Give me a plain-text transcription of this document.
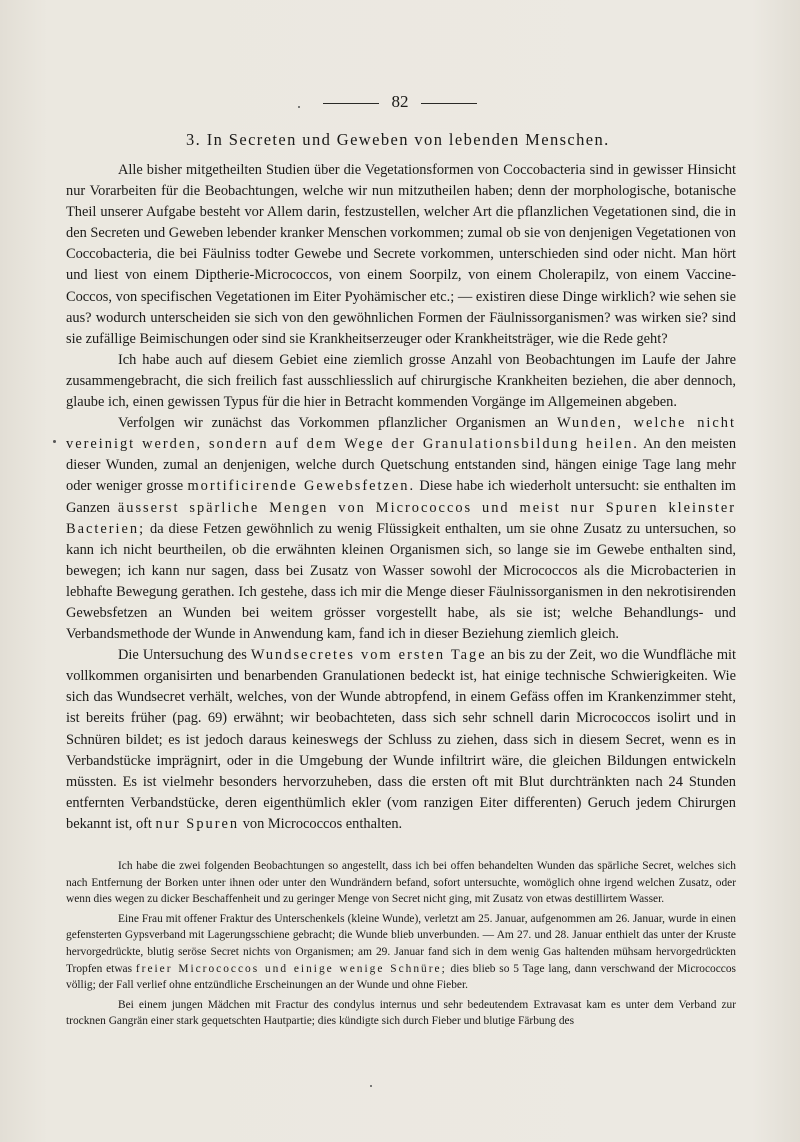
82
3. In Secreten und Geweben von lebenden Menschen.

Alle bisher mitgetheilten Studien über die Vegetationsformen von Coccobacteria sind in gewisser Hinsicht nur Vorarbeiten für die Beobachtungen, welche wir nun mitzutheilen haben; denn der morphologische, botanische Theil unserer Aufgabe besteht vor Allem darin, festzustellen, welcher Art die pflanzlichen Vegetationen sind, die in den Secreten und Geweben lebender kranker Menschen vorkommen; zumal ob sie von denjenigen Vegetationen von Coccobacteria, die bei Fäulniss todter Gewebe und Secrete vorkommen, unterschieden sind oder nicht. Man hört und liest von einem Diptherie-Micrococcos, von einem Soorpilz, von einem Cholerapilz, von einem Vaccine-Coccos, von specifischen Vegetationen im Eiter Pyohämischer etc.; — existiren diese Dinge wirklich? wie sehen sie aus? wodurch unterscheiden sie sich von den gewöhnlichen Formen der Fäulnissorganismen? was wirken sie? sind sie zufällige Beimischungen oder sind sie Krankheitserzeuger oder Krankheitsträger, wie die Rede geht?

Ich habe auch auf diesem Gebiet eine ziemlich grosse Anzahl von Beobachtungen im Laufe der Jahre zusammengebracht, die sich freilich fast ausschliesslich auf chirurgische Krankheiten beziehen, die aber dennoch, glaube ich, einen gewissen Typus für die hier in Betracht kommenden Vorgänge im Allgemeinen abgeben.

Verfolgen wir zunächst das Vorkommen pflanzlicher Organismen an Wunden, welche nicht vereinigt werden, sondern auf dem Wege der Granulationsbildung heilen. An den meisten dieser Wunden, zumal an denjenigen, welche durch Quetschung entstanden sind, hängen einige Tage lang mehr oder weniger grosse mortificirende Gewebsfetzen. Diese habe ich wiederholt untersucht: sie enthalten im Ganzen äusserst spärliche Mengen von Micrococcos und meist nur Spuren kleinster Bacterien; da diese Fetzen gewöhnlich zu wenig Flüssigkeit enthalten, um sie ohne Zusatz zu untersuchen, so kann ich nicht beurtheilen, ob die erwähnten kleinen Organismen sich, so lange sie im Gewebe enthalten sind, bewegen; ich kann nur sagen, dass bei Zusatz von Wasser sowohl der Micrococcos als die Microbacterien in lebhafte Bewegung gerathen. Ich gestehe, dass ich mir die Menge dieser Fäulnissorganismen in den nekrotisirenden Gewebsfetzen an Wunden bei weitem grösser vorgestellt habe, als sie ist; welche Behandlungs- und Verbandsmethode der Wunde in Anwendung kam, fand ich in dieser Beziehung ziemlich gleich.

Die Untersuchung des Wundsecretes vom ersten Tage an bis zu der Zeit, wo die Wundfläche mit vollkommen organisirten und benarbenden Granulationen bedeckt ist, hat einige technische Schwierigkeiten. Wie sich das Wundsecret verhält, welches, von der Wunde abtropfend, in einem Gefäss offen im Krankenzimmer steht, ist bereits früher (pag. 69) erwähnt; wir beobachteten, dass sich sehr schnell darin Micrococcos isolirt und in Schnüren bildet; es ist jedoch daraus keineswegs der Schluss zu ziehen, dass sich in diesem Secret, wenn es in Verbandstücke imprägnirt, oder in die Umgebung der Wunde infiltrirt wäre, die gleichen Bildungen entwickeln müssten. Es ist vielmehr besonders hervorzuheben, dass die ersten oft mit Blut durchtränkten nach 24 Stunden entfernten Verbandstücke, deren eigenthümlich ekler (vom ranzigen Eiter differenten) Geruch jedem Chirurgen bekannt ist, oft nur Spuren von Micrococcos enthalten.

Ich habe die zwei folgenden Beobachtungen so angestellt, dass ich bei offen behandelten Wunden das spärliche Secret, welches sich nach Entfernung der Borken unter ihnen oder unter den Wundrändern befand, sofort untersuchte, womöglich ohne irgend welchen Zusatz, oder wenn dies wegen zu dicker Beschaffenheit und zu geringer Menge von Secret nicht ging, mit Zusatz von etwas destillirtem Wasser.

Eine Frau mit offener Fraktur des Unterschenkels (kleine Wunde), verletzt am 25. Januar, aufgenommen am 26. Januar, wurde in einen gefensterten Gypsverband mit Lagerungsschiene gebracht; die Wunde blieb unverbunden. — Am 27. und 28. Januar enthielt das unter der Kruste hervorgedrückte, blutig seröse Secret nichts von Organismen; am 29. Januar fand sich in dem wenig Gas haltenden mühsam hervorgedrückten Tropfen etwas freier Micrococcos und einige wenige Schnüre; dies blieb so 5 Tage lang, dann verschwand der Micrococcos völlig; der Fall verlief ohne entzündliche Erscheinungen an der Wunde und ohne Fieber.

Bei einem jungen Mädchen mit Fractur des condylus internus und sehr bedeutendem Extravasat kam es unter dem Verband zur trocknen Gangrän einer stark gequetschten Hautpartie; dies kündigte sich durch Fieber und blutige Färbung des
